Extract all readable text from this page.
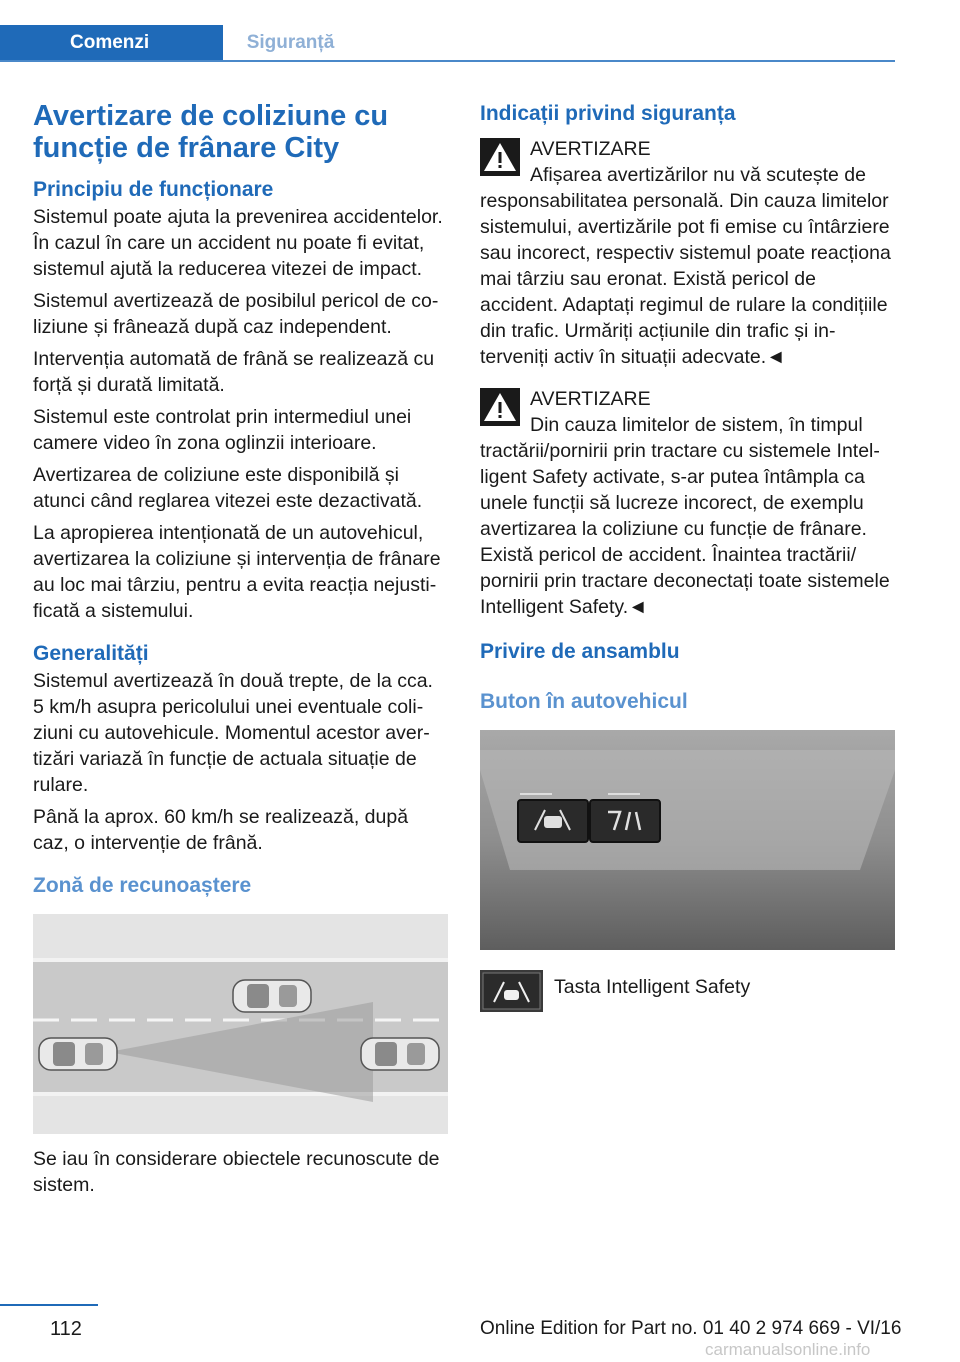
Comenzi	Siguranță
Avertizare de coliziune cu funcție de frânare City
Principiu de funcționare
Sistemul poate ajuta la prevenirea accidentelor. În cazul în care un accident nu poate fi evitat, sistemul ajută la reducerea vitezei de impact.
Sistemul avertizează de posibilul pericol de coliziune și frânează după caz independent.
Intervenția automată de frână se realizează cu forță și durată limitată.
Sistemul este controlat prin intermediul unei camere video în zona oglinzii interioare.
Avertizarea de coliziune este disponibilă și atunci când reglarea vitezei este dezactivată.
La apropierea intenționată de un autovehicul, avertizarea la coliziune și intervenția de frânare au loc mai târziu, pentru a evita reacția nejustificată a sistemului.
Generalități
Sistemul avertizează în două trepte, de la cca. 5 km/h asupra pericolului unei eventuale coliziuni cu autovehicule. Momentul acestor avertizări variază în funcție de actuala situație de rulare.
Până la aprox. 60 km/h se realizează, după caz, o intervenție de frână.
Zonă de recunoaștere
Se iau în considerare obiectele recunoscute de sistem.
Indicații privind siguranța
AVERTIZARE
Afișarea avertizărilor nu vă scutește de responsabilitatea personală. Din cauza limitelor sistemului, avertizările pot fi emise cu întârziere sau incorect, respectiv sistemul poate reacționa mai târziu sau eronat. Există pericol de accident. Adaptați regimul de rulare la condițiile din trafic. Urmăriți acțiunile din trafic și interveniți activ în situații adecvate.◄
AVERTIZARE
Din cauza limitelor de sistem, în timpul tractării/pornirii prin tractare cu sistemele Intelligent Safety activate, s-ar putea întâmpla ca unele funcții să lucreze incorect, de exemplu avertizarea la coliziune cu funcție de frânare. Există pericol de accident. Înaintea tractării/ pornirii prin tractare deconectați toate sistemele Intelligent Safety.◄
Privire de ansamblu
Buton în autovehicul
Tasta Intelligent Safety
112	Online Edition for Part no. 01 40 2 974 669 - VI/16
carmanualsonline.info
